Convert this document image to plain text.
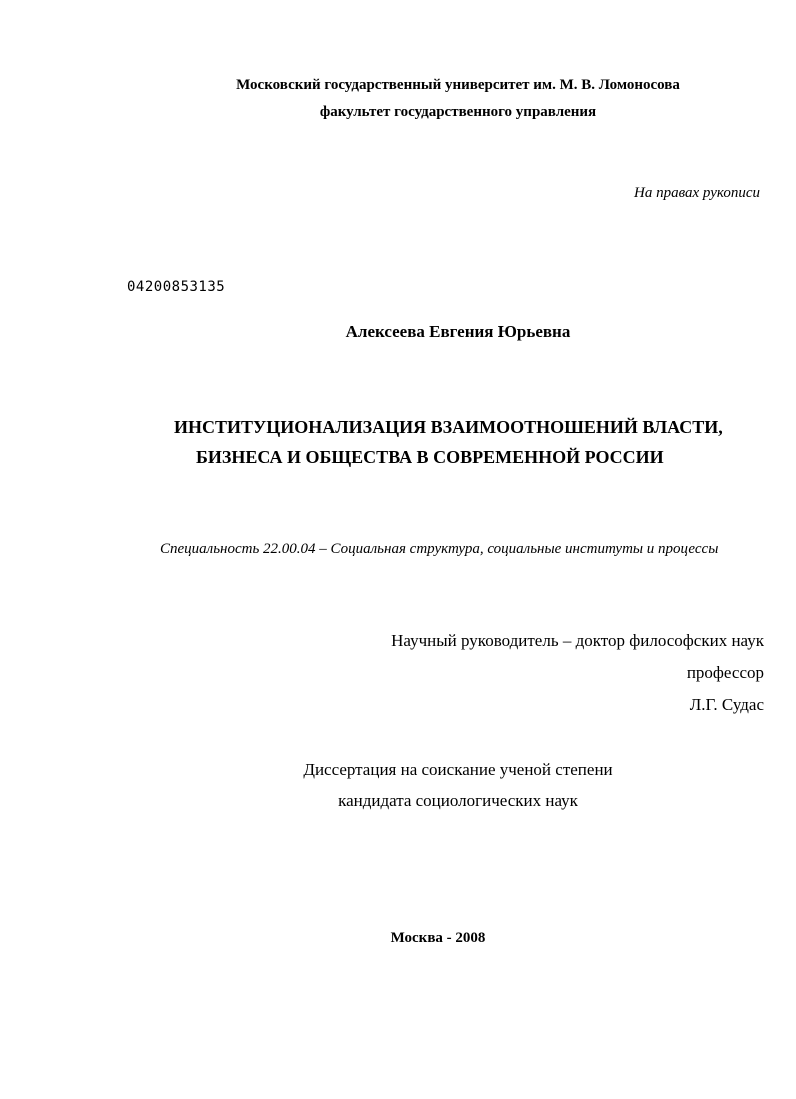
Московский государственный университет им. М. В. Ломоносова
факультет государственного управления
На правах рукописи
04200853135
Алексеева Евгения Юрьевна
ИНСТИТУЦИОНАЛИЗАЦИЯ ВЗАИМООТНОШЕНИЙ ВЛАСТИ,
БИЗНЕСА И ОБЩЕСТВА В СОВРЕМЕННОЙ РОССИИ
Специальность 22.00.04 – Социальная структура, социальные институты и процессы
Научный руководитель – доктор философских наук
профессор
Л.Г. Судас
Диссертация на соискание ученой степени
кандидата социологических наук
Москва - 2008
